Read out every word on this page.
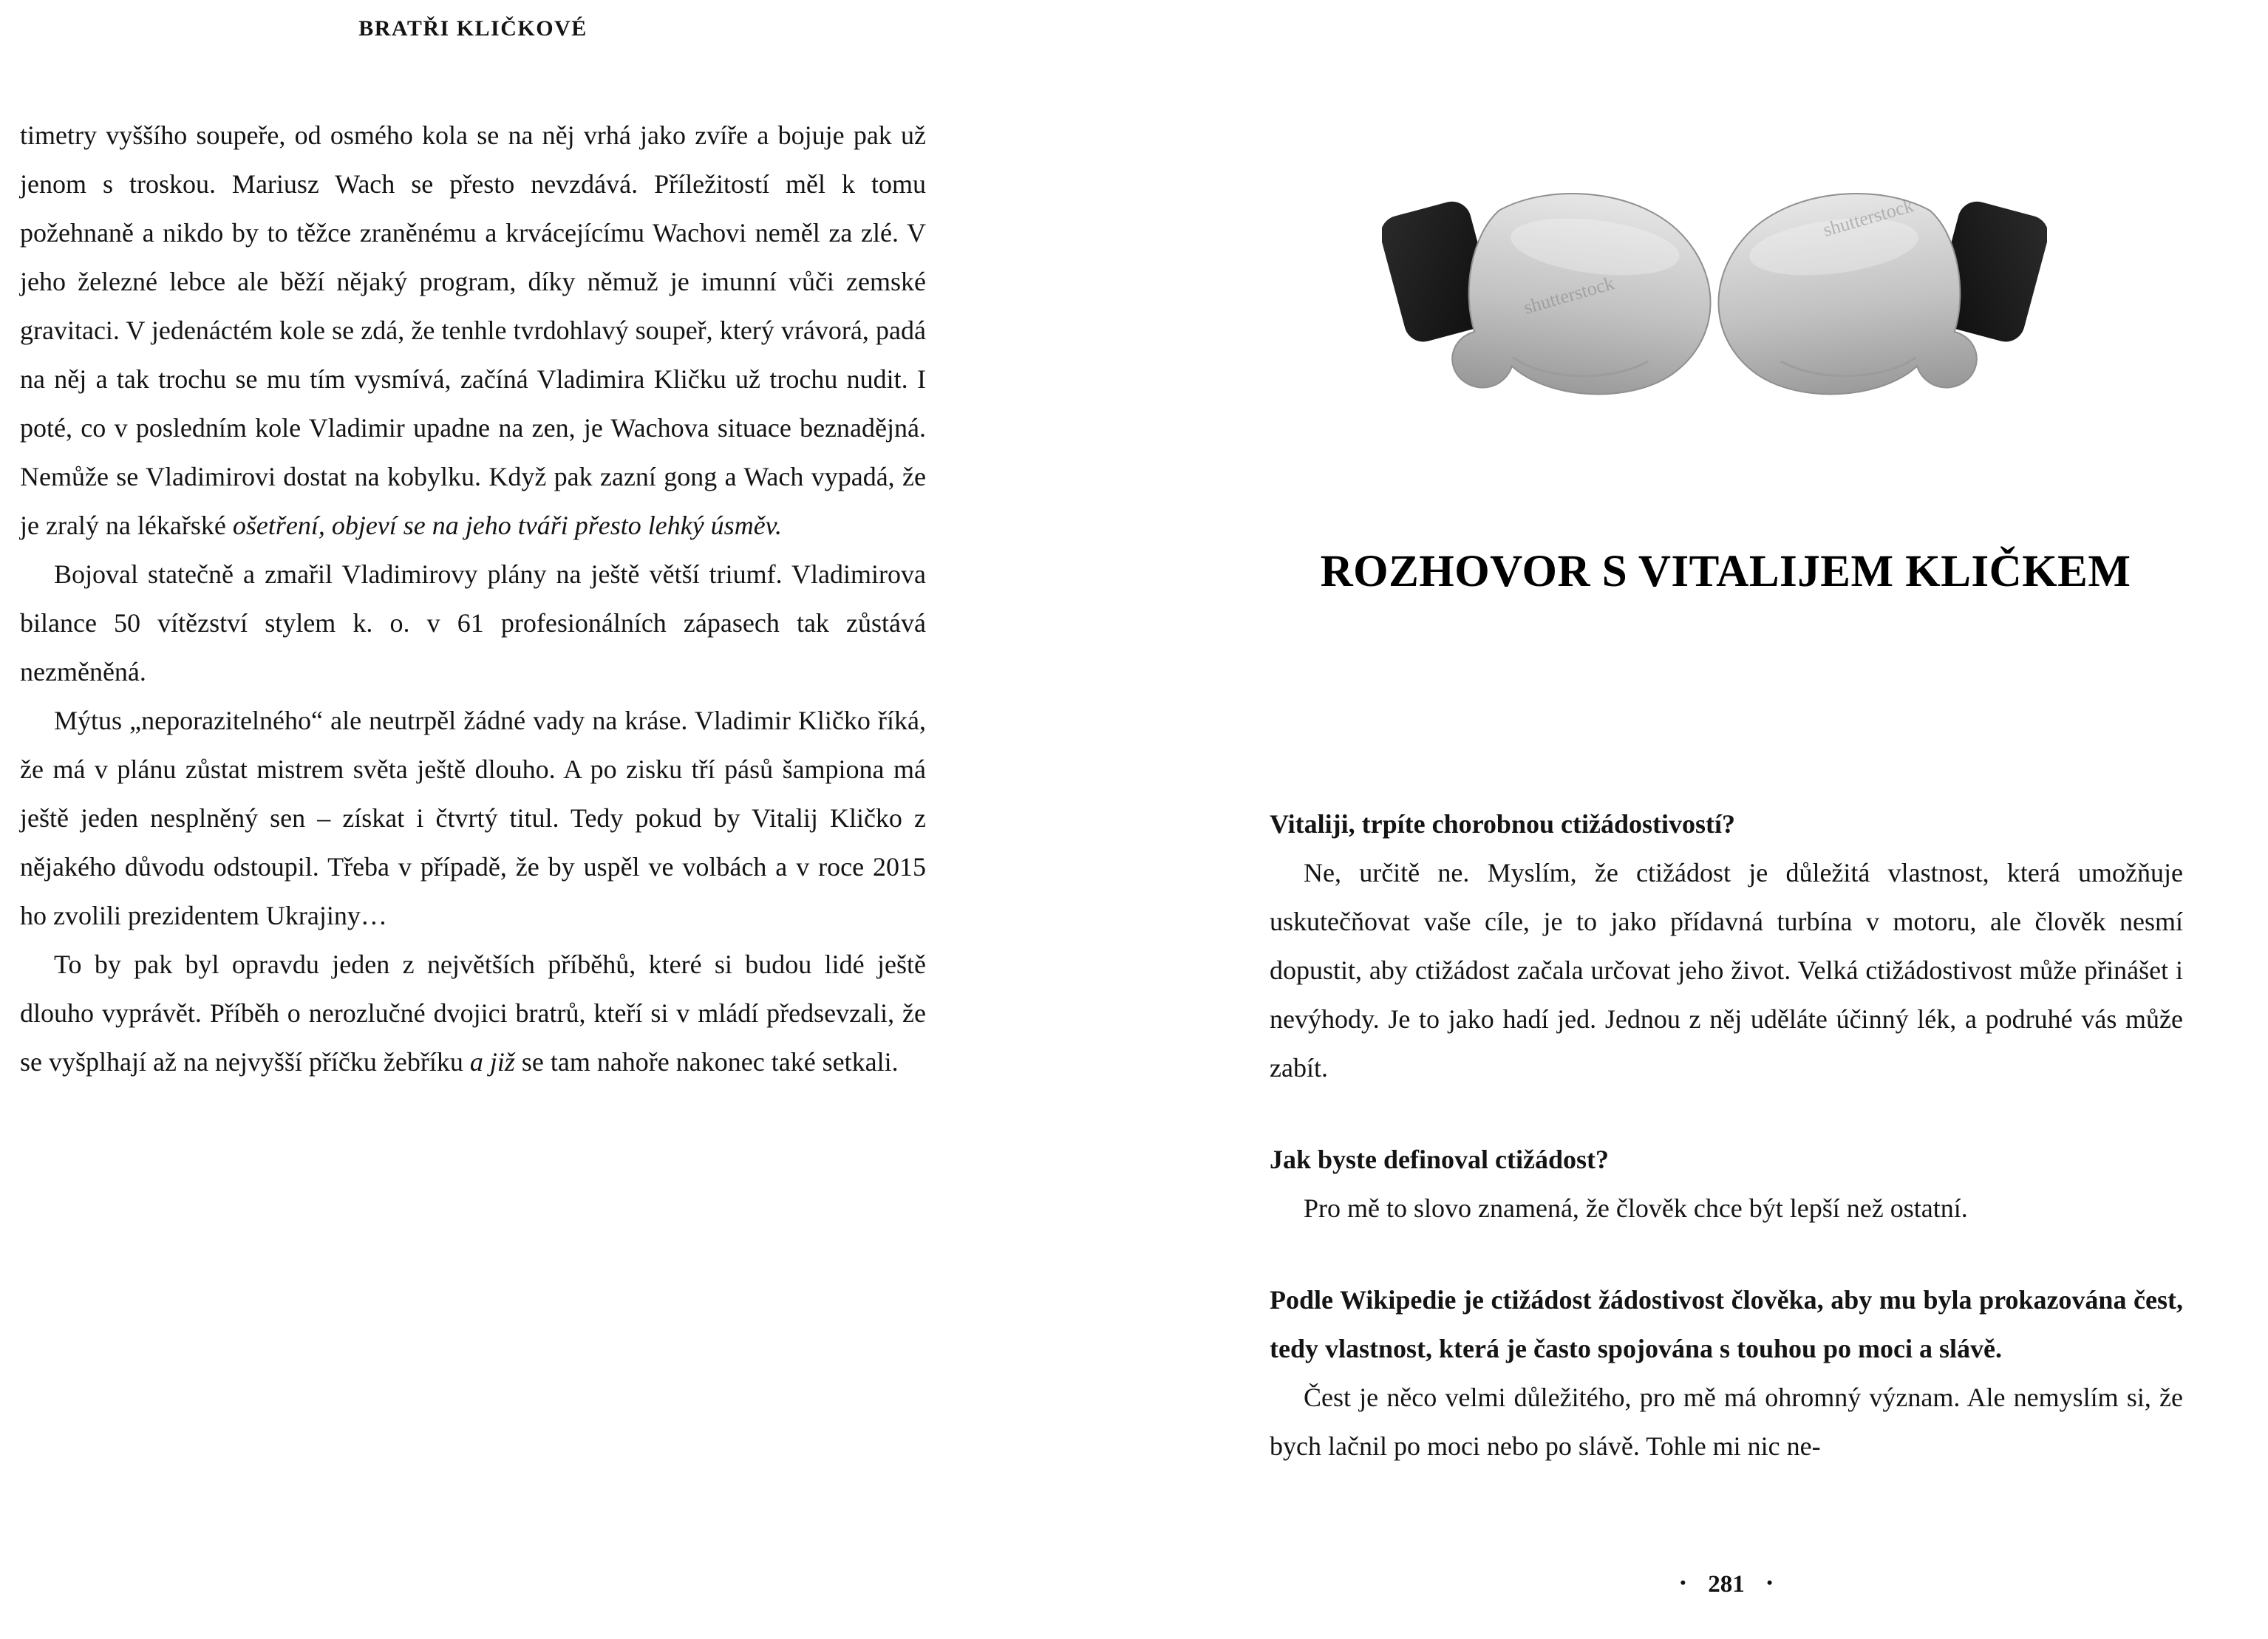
BRATŘI KLIČKOVÉ

timetry vyššího soupeře, od osmého kola se na něj vrhá jako zvíře a bojuje pak už jenom s troskou. Mariusz Wach se přesto nevzdává. Příležitostí měl k tomu požehnaně a nikdo by to těžce zraněnému a krvácejícímu Wachovi neměl za zlé. V jeho železné lebce ale běží nějaký program, díky němuž je imunní vůči zemské gravitaci. V jedenáctém kole se zdá, že tenhle tvrdohlavý soupeř, který vrávorá, padá na něj a tak trochu se mu tím vysmívá, začíná Vladimira Kličku už trochu nudit. I poté, co v posledním kole Vladimir upadne na zen, je Wachova situace beznadějná. Nemůže se Vladimirovi dostat na kobylku. Když pak zazní gong a Wach vypadá, že je zralý na lékařské ošetření, objeví se na jeho tváři přesto lehký úsměv.

Bojoval statečně a zmařil Vladimirovy plány na ještě větší triumf. Vladimirova bilance 50 vítězství stylem k. o. v 61 profesionálních zápasech tak zůstává nezměněná.

Mýtus „neporazitelného“ ale neutrpěl žádné vady na kráse. Vladimir Kličko říká, že má v plánu zůstat mistrem světa ještě dlouho. A po zisku tří pásů šampiona má ještě jeden nesplněný sen – získat i čtvrtý titul. Tedy pokud by Vitalij Kličko z nějakého důvodu odstoupil. Třeba v případě, že by uspěl ve volbách a v roce 2015 ho zvolili prezidentem Ukrajiny…

To by pak byl opravdu jeden z největších příběhů, které si budou lidé ještě dlouho vyprávět. Příběh o nerozlučné dvojici bratrů, kteří si v mládí předsevzali, že se vyšplhají až na nejvyšší příčku žebříku a již se tam nahoře nakonec také setkali.

shutterstock
shutterstock
ROZHOVOR S VITALIJEM KLIČKEM

Vitaliji, trpíte chorobnou ctižádostivostí?

Ne, určitě ne. Myslím, že ctižádost je důležitá vlastnost, která umožňuje uskutečňovat vaše cíle, je to jako přídavná turbína v motoru, ale člověk nesmí dopustit, aby ctižádost začala určovat jeho život. Velká ctižádostivost může přinášet i nevýhody. Je to jako hadí jed. Jednou z něj uděláte účinný lék, a podruhé vás může zabít.

Jak byste definoval ctižádost?

Pro mě to slovo znamená, že člověk chce být lepší než ostatní.

Podle Wikipedie je ctižádost žádostivost člověka, aby mu byla prokazována čest, tedy vlastnost, která je často spojována s touhou po moci a slávě.

Čest je něco velmi důležitého, pro mě má ohromný význam. Ale nemyslím si, že bych lačnil po moci nebo po slávě. Tohle mi nic ne-

• 281 •
